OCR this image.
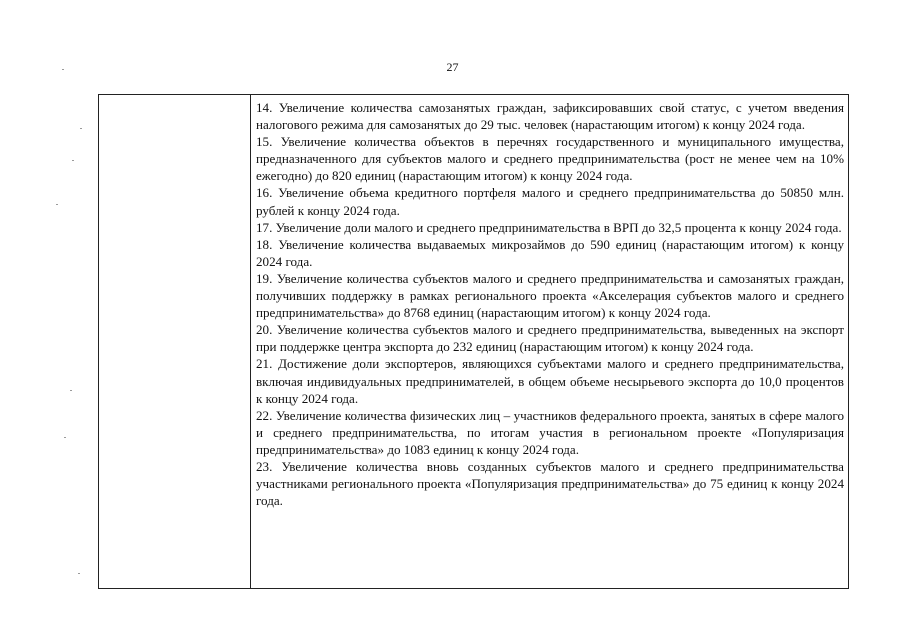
27

14. Увеличение количества самозанятых граждан, зафиксировавших свой статус, с учетом введения налогового режима для самозанятых до 29 тыс. человек (нарастающим итогом) к концу 2024 года.

15. Увеличение количества объектов в перечнях государственного и муниципального имущества, предназначенного для субъектов малого и среднего предпринимательства (рост не менее чем на 10% ежегодно) до 820 единиц (нарастающим итогом) к концу 2024 года.

16. Увеличение объема кредитного портфеля малого и среднего предпринимательства до 50850 млн. рублей к концу 2024 года.

17. Увеличение доли малого и среднего предпринимательства в ВРП до 32,5 процента к концу 2024 года.

18. Увеличение количества выдаваемых микрозаймов до 590 единиц (нарастающим итогом) к концу 2024 года.

19. Увеличение количества субъектов малого и среднего предпринимательства и самозанятых граждан, получивших поддержку в рамках регионального проекта «Акселерация субъектов малого и среднего предпринимательства» до 8768 единиц (нарастающим итогом) к концу 2024 года.

20. Увеличение количества субъектов малого и среднего предпринимательства, выведенных на экспорт при поддержке центра экспорта до 232 единиц (нарастающим итогом) к концу 2024 года.

21. Достижение доли экспортеров, являющихся субъектами малого и среднего предпринимательства, включая индивидуальных предпринимателей, в общем объеме несырьевого экспорта до 10,0 процентов к концу 2024 года.

22. Увеличение количества физических лиц – участников федерального проекта, занятых в сфере малого и среднего предпринимательства, по итогам участия в региональном проекте «Популяризация предпринимательства» до 1083 единиц к концу 2024 года.

23. Увеличение количества вновь созданных субъектов малого и среднего предпринимательства участниками регионального проекта «Популяризация предпринимательства» до 75 единиц к концу 2024 года.
